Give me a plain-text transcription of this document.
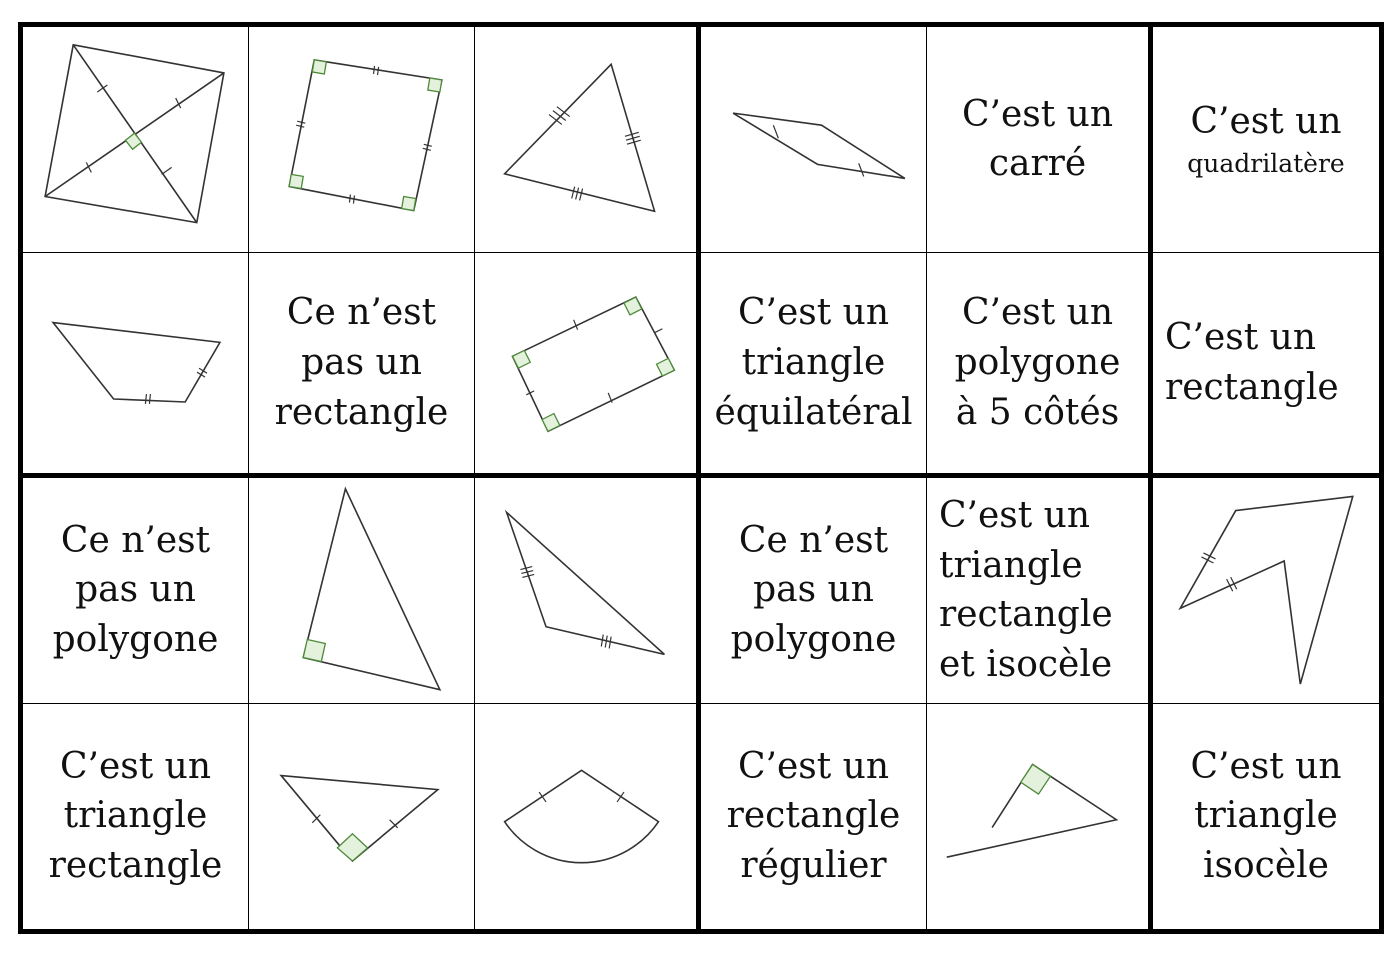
C’est un
carré
C’est un

quadrilatère
Ce n’est
pas un
rectangle
C’est un
triangle
équilatéral
C’est un
polygone
à 5 côtés
C’est un
rectangle
Ce n’est
pas un
polygone
Ce n’est
pas un
polygone
C’est un
triangle
rectangle
et isocèle
C’est un
triangle
rectangle
C’est un
rectangle
régulier
C’est un
triangle
isocèle
